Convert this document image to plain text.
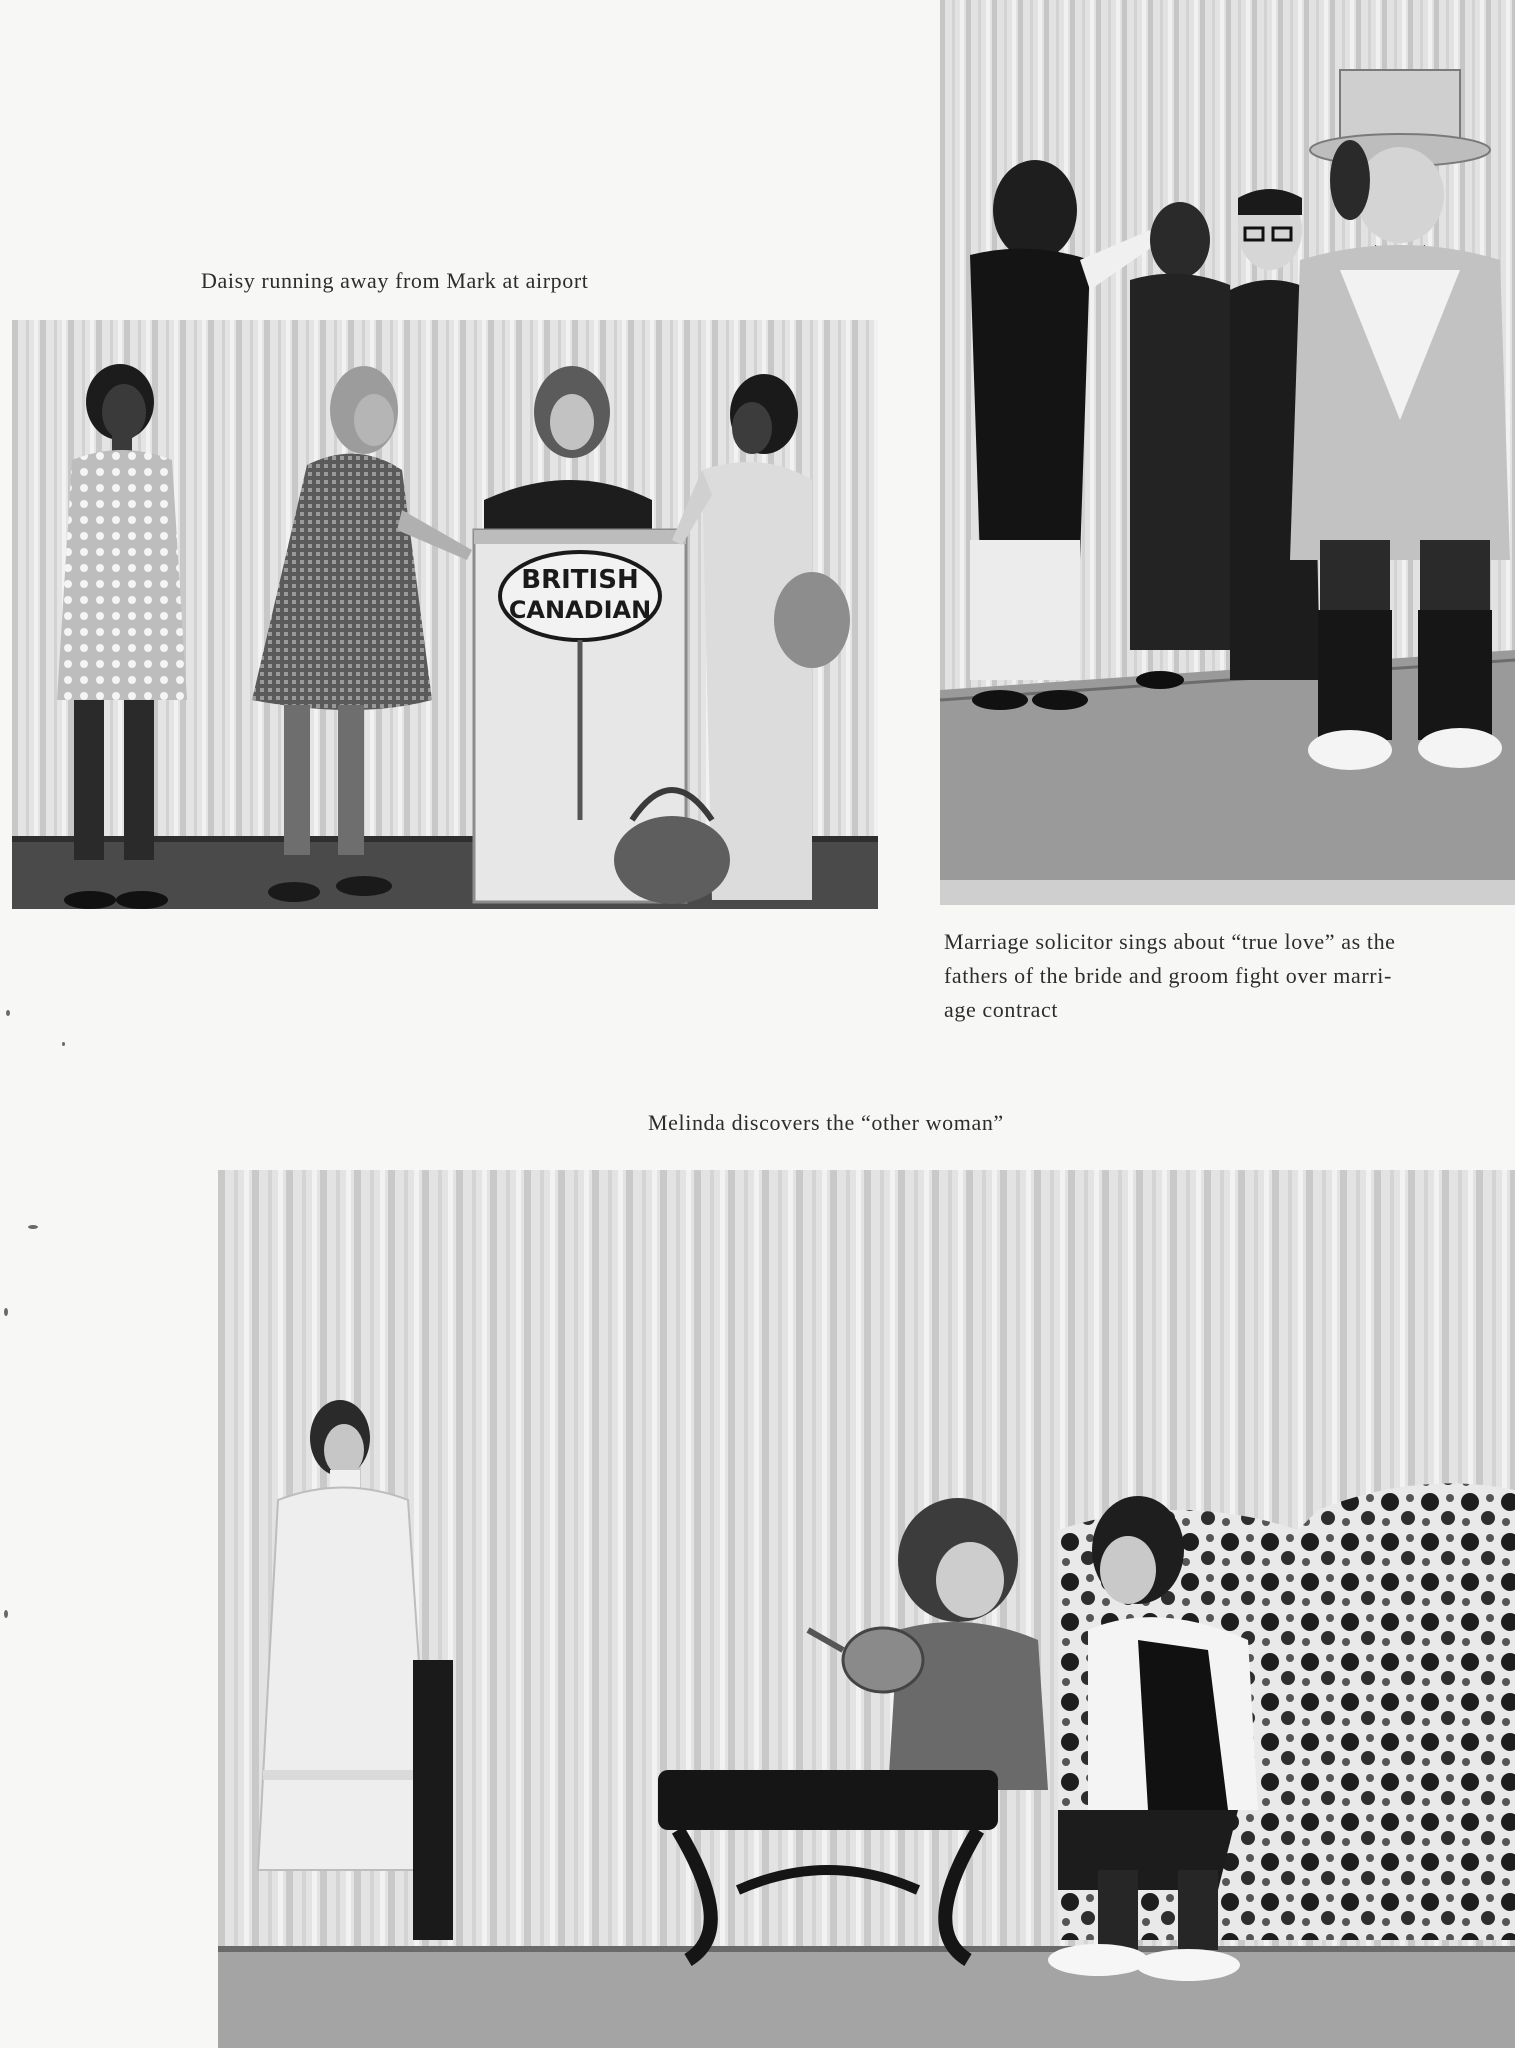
Daisy running away from Mark at airport
BRITISH
CANADIAN
Marriage solicitor sings about “true love” as the
fathers of the bride and groom fight over marri-
age contract
Melinda discovers the “other woman”
